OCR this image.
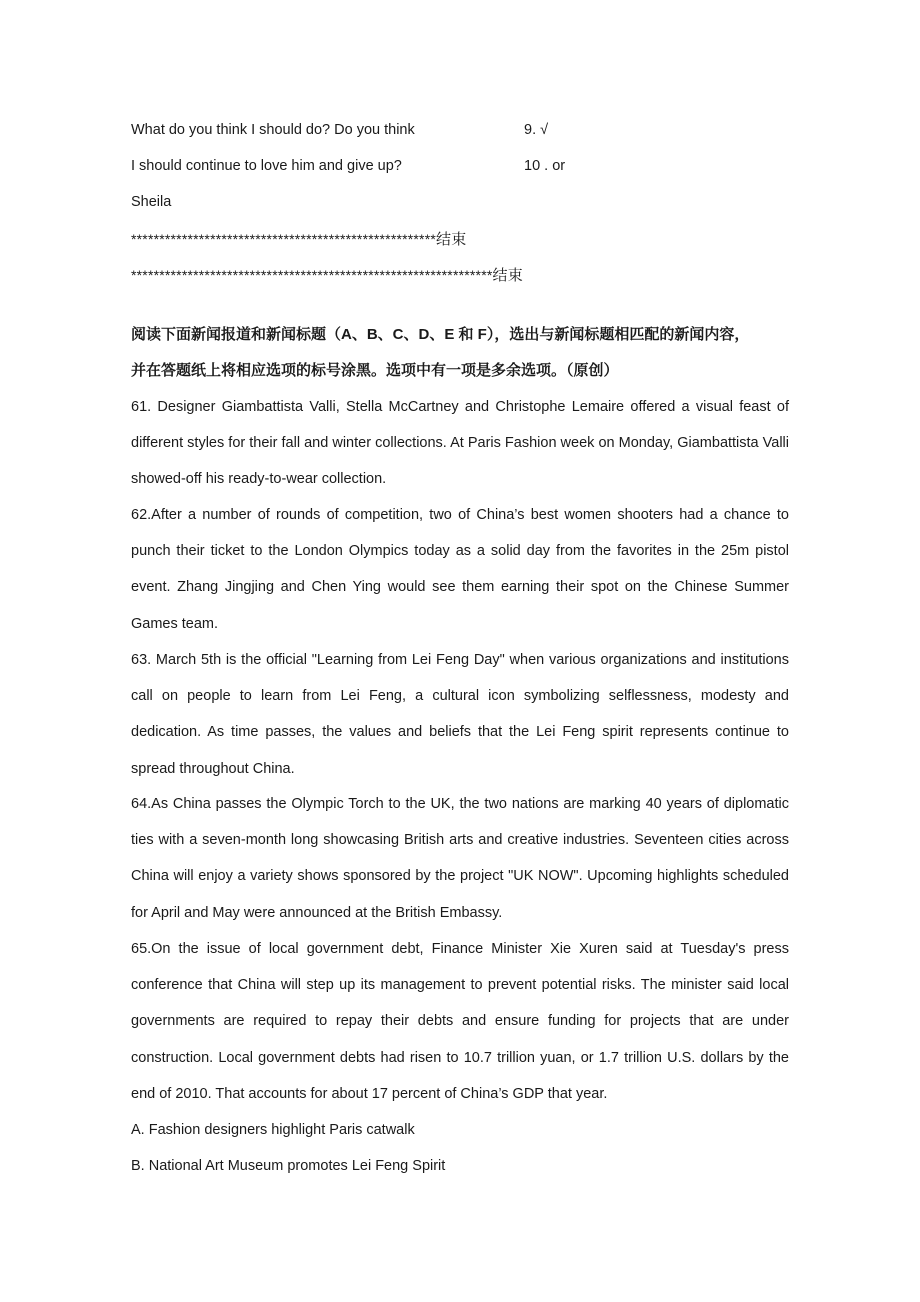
What do you think I should do? Do you think	9. √
I should continue to love him and give up?	10 . or
Sheila
******************************************************结束
****************************************************************结束
阅读下面新闻报道和新闻标题（A、B、C、D、E 和 F），选出与新闻标题相匹配的新闻内容，
并在答题纸上将相应选项的标号涂黑。选项中有一项是多余选项。（原创）

61. Designer Giambattista Valli, Stella McCartney and Christophe Lemaire offered a visual feast of different styles for their fall and winter collections. At Paris Fashion week on Monday, Giambattista Valli showed-off his ready-to-wear collection.

62.After a number of rounds of competition, two of China’s best women shooters had a chance to punch their ticket to the London Olympics today as a solid day from the favorites in the 25m pistol event. Zhang Jingjing and Chen Ying would see them earning their spot on the Chinese Summer Games team.

63. March 5th is the official "Learning from Lei Feng Day" when various organizations and institutions call on people to learn from Lei Feng, a cultural icon symbolizing selflessness, modesty and dedication. As time passes, the values and beliefs that the Lei Feng spirit represents continue to spread throughout China.

64.As China passes the Olympic Torch to the UK, the two nations are marking 40 years of diplomatic ties with a seven-month long showcasing British arts and creative industries. Seventeen cities across China will enjoy a variety shows sponsored by the project "UK NOW". Upcoming highlights scheduled for April and May were announced at the British Embassy.

65.On the issue of local government debt, Finance Minister Xie Xuren said at Tuesday's press conference that China will step up its management to prevent potential risks. The minister said local governments are required to repay their debts and ensure funding for projects that are under construction. Local government debts had risen to 10.7 trillion yuan, or 1.7 trillion U.S. dollars by the end of 2010. That accounts for about 17 percent of China’s GDP that year.

A. Fashion designers highlight Paris catwalk
B. National Art Museum promotes Lei Feng Spirit
